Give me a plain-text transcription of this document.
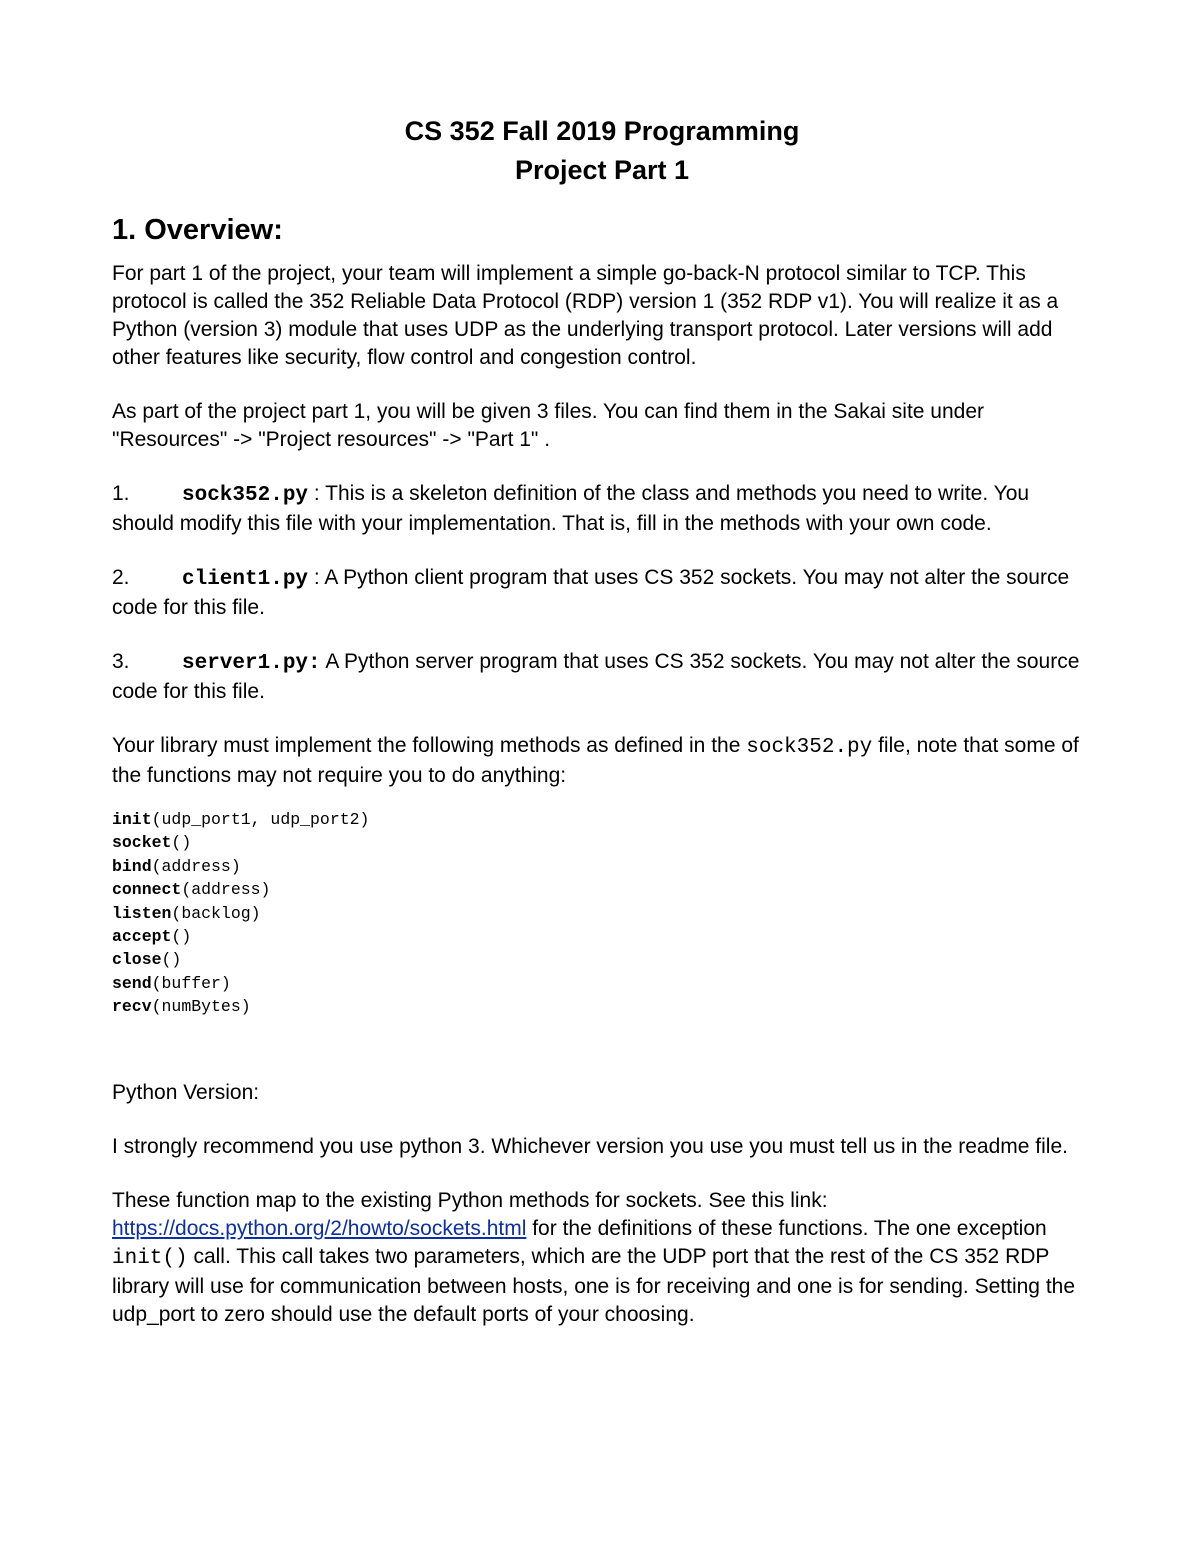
CS 352 Fall 2019 Programming
Project Part 1
1. Overview:

For part 1 of the project, your team will implement a simple go-back-N protocol similar to TCP. This protocol is called the 352 Reliable Data Protocol (RDP) version 1 (352 RDP v1). You will realize it as a Python (version 3) module that uses UDP as the underlying transport protocol. Later versions will add other features like security, flow control and congestion control.

As part of the project part 1, you will be given 3 files. You can find them in the Sakai site under "Resources" -> "Project resources" -> "Part 1" .

1. sock352.py : This is a skeleton definition of the class and methods you need to write. You should modify this file with your implementation. That is, fill in the methods with your own code.

2. client1.py : A Python client program that uses CS 352 sockets. You may not alter the source code for this file.

3. server1.py: A Python server program that uses CS 352 sockets. You may not alter the source code for this file.

Your library must implement the following methods as defined in the sock352.py file, note that some of the functions may not require you to do anything:

init(udp_port1, udp_port2)
socket()
bind(address)
connect(address)
listen(backlog)
accept()
close()
send(buffer)
recv(numBytes)

Python Version:

I strongly recommend you use python 3. Whichever version you use you must tell us in the readme file.

These function map to the existing Python methods for sockets. See this link: https://docs.python.org/2/howto/sockets.html for the definitions of these functions. The one exception init() call. This call takes two parameters, which are the UDP port that the rest of the CS 352 RDP library will use for communication between hosts, one is for receiving and one is for sending. Setting the udp_port to zero should use the default ports of your choosing.
